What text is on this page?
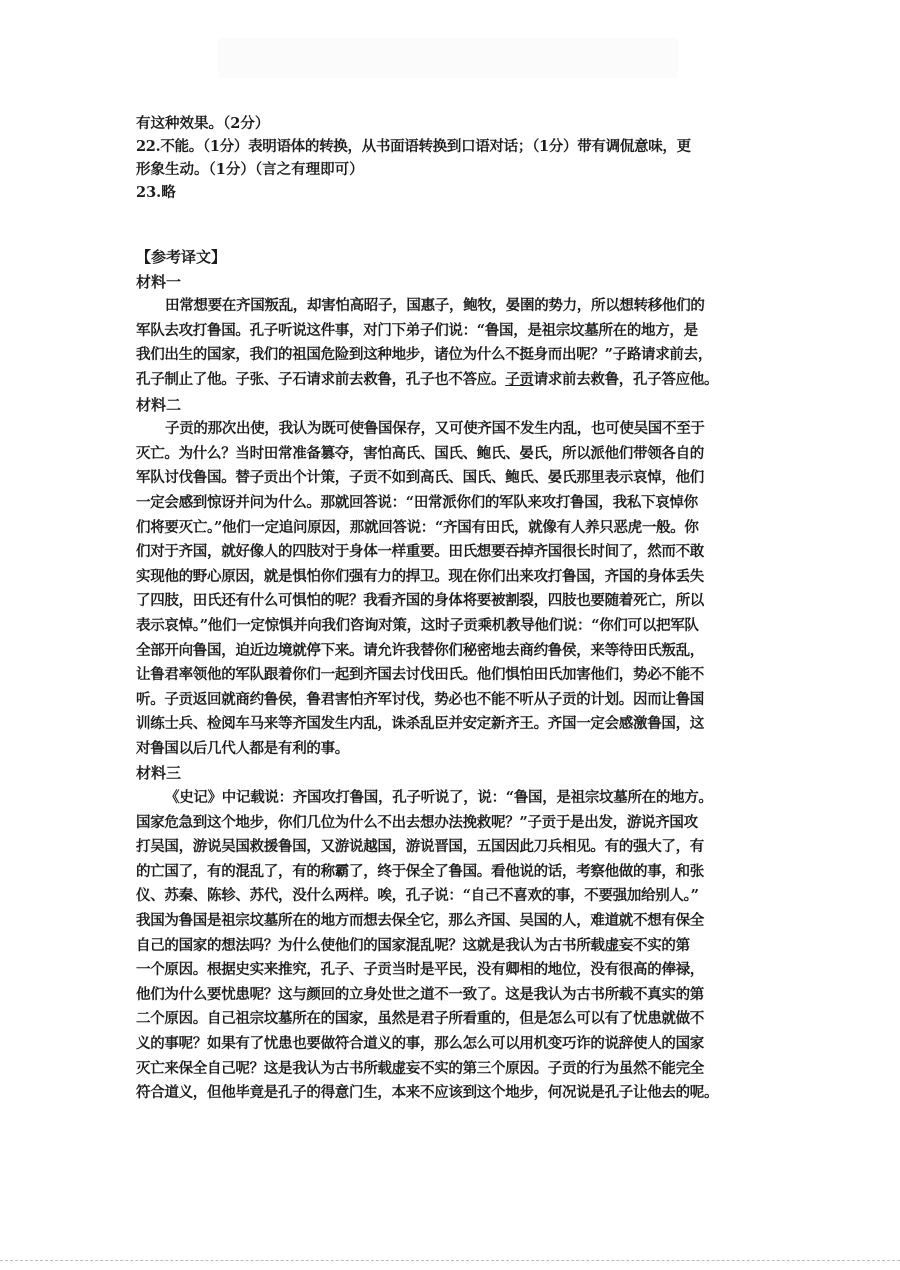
有这种效果。（2分）
22.不能。（1分）表明语体的转换，从书面语转换到口语对话；（1分）带有调侃意味，更
形象生动。（1分）（言之有理即可）
23.略
【参考译文】
材料一
田常想要在齐国叛乱，却害怕高昭子，国惠子，鲍牧，晏圉的势力，所以想转移他们的
军队去攻打鲁国。孔子听说这件事，对门下弟子们说：“鲁国，是祖宗坟墓所在的地方，是
我们出生的国家，我们的祖国危险到这种地步，诸位为什么不挺身而出呢？”子路请求前去，
孔子制止了他。子张、子石请求前去救鲁，孔子也不答应。子贡请求前去救鲁，孔子答应他。
材料二
子贡的那次出使，我认为既可使鲁国保存，又可使齐国不发生内乱，也可使吴国不至于
灭亡。为什么？当时田常准备篡夺，害怕高氏、国氏、鲍氏、晏氏，所以派他们带领各自的
军队讨伐鲁国。替子贡出个计策，子贡不如到高氏、国氏、鲍氏、晏氏那里表示哀悼，他们
一定会感到惊讶并问为什么。那就回答说：“田常派你们的军队来攻打鲁国，我私下哀悼你
们将要灭亡。”他们一定追问原因，那就回答说：“齐国有田氏，就像有人养只恶虎一般。你
们对于齐国，就好像人的四肢对于身体一样重要。田氏想要吞掉齐国很长时间了，然而不敢
实现他的野心原因，就是惧怕你们强有力的捍卫。现在你们出来攻打鲁国，齐国的身体丢失
了四肢，田氏还有什么可惧怕的呢？我看齐国的身体将要被割裂，四肢也要随着死亡，所以
表示哀悼。”他们一定惊惧并向我们咨询对策，这时子贡乘机教导他们说：“你们可以把军队
全部开向鲁国，迫近边境就停下来。请允许我替你们秘密地去商约鲁侯，来等待田氏叛乱，
让鲁君率领他的军队跟着你们一起到齐国去讨伐田氏。他们惧怕田氏加害他们，势必不能不
听。子贡返回就商约鲁侯，鲁君害怕齐军讨伐，势必也不能不听从子贡的计划。因而让鲁国
训练士兵、检阅车马来等齐国发生内乱，诛杀乱臣并安定新齐王。齐国一定会感激鲁国，这
对鲁国以后几代人都是有利的事。
材料三
《史记》中记载说：齐国攻打鲁国，孔子听说了，说：“鲁国，是祖宗坟墓所在的地方。
国家危急到这个地步，你们几位为什么不出去想办法挽救呢？”子贡于是出发，游说齐国攻
打吴国，游说吴国救援鲁国，又游说越国，游说晋国，五国因此刀兵相见。有的强大了，有
的亡国了，有的混乱了，有的称霸了，终于保全了鲁国。看他说的话，考察他做的事，和张
仪、苏秦、陈轸、苏代，没什么两样。唉，孔子说：“自己不喜欢的事，不要强加给别人。”
我国为鲁国是祖宗坟墓所在的地方而想去保全它，那么齐国、吴国的人，难道就不想有保全
自己的国家的想法吗？为什么使他们的国家混乱呢？这就是我认为古书所载虚妄不实的第
一个原因。根据史实来推究，孔子、子贡当时是平民，没有卿相的地位，没有很高的俸禄，
他们为什么要忧患呢？这与颜回的立身处世之道不一致了。这是我认为古书所载不真实的第
二个原因。自己祖宗坟墓所在的国家，虽然是君子所看重的，但是怎么可以有了忧患就做不
义的事呢？如果有了忧患也要做符合道义的事，那么怎么可以用机变巧诈的说辞使人的国家
灭亡来保全自己呢？这是我认为古书所载虚妄不实的第三个原因。子贡的行为虽然不能完全
符合道义，但他毕竟是孔子的得意门生，本来不应该到这个地步，何况说是孔子让他去的呢。
